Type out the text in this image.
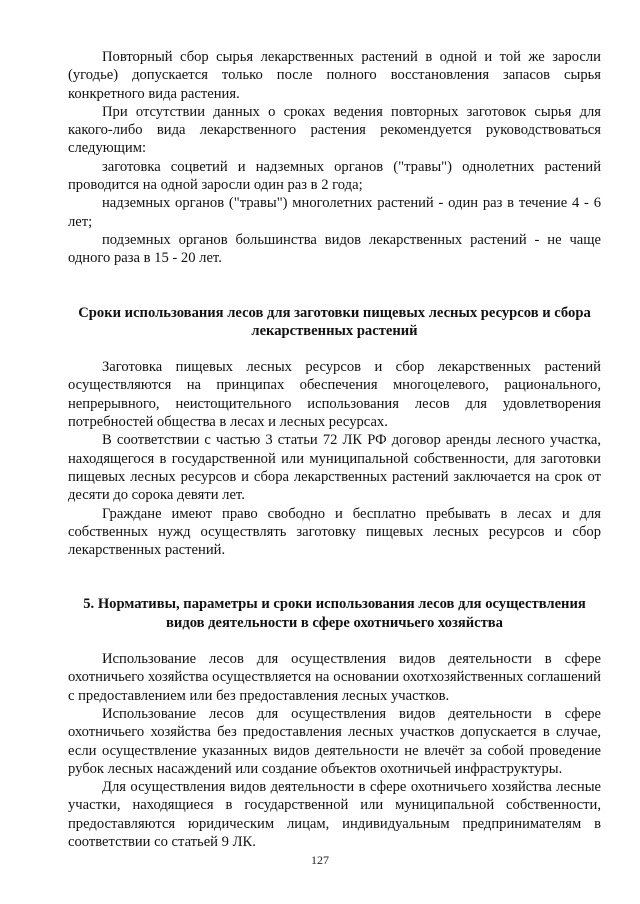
Повторный сбор сырья лекарственных растений в одной и той же заросли (угодье) допускается только после полного восстановления запасов сырья конкретного вида растения.

При отсутствии данных о сроках ведения повторных заготовок сырья для какого-либо вида лекарственного растения рекомендуется руководствоваться следующим:

заготовка соцветий и надземных органов ("травы") однолетних растений проводится на одной заросли один раз в 2 года;

надземных органов ("травы") многолетних растений - один раз в течение 4 - 6 лет;

подземных органов большинства видов лекарственных растений - не чаще одного раза в 15 - 20 лет.

Сроки использования лесов для заготовки пищевых лесных ресурсов и сбора лекарственных растений

Заготовка пищевых лесных ресурсов и сбор лекарственных растений осуществляются на принципах обеспечения многоцелевого, рационального, непрерывного, неистощительного использования лесов для удовлетворения потребностей общества в лесах и лесных ресурсах.

В соответствии с частью 3 статьи 72 ЛК РФ договор аренды лесного участка, находящегося в государственной или муниципальной собственности, для заготовки пищевых лесных ресурсов и сбора лекарственных растений заключается на срок от десяти до сорока девяти лет.

Граждане имеют право свободно и бесплатно пребывать в лесах и для собственных нужд осуществлять заготовку пищевых лесных ресурсов и сбор лекарственных растений.

5. Нормативы, параметры и сроки использования лесов для осуществления видов деятельности в сфере охотничьего хозяйства

Использование лесов для осуществления видов деятельности в сфере охотничьего хозяйства осуществляется на основании охотхозяйственных соглашений с предоставлением или без предоставления лесных участков.

Использование лесов для осуществления видов деятельности в сфере охотничьего хозяйства без предоставления лесных участков допускается в случае, если осуществление указанных видов деятельности не влечёт за собой проведение рубок лесных насаждений или создание объектов охотничьей инфраструктуры.

Для осуществления видов деятельности в сфере охотничьего хозяйства лесные участки, находящиеся в государственной или муниципальной собственности, предоставляются юридическим лицам, индивидуальным предпринимателям в соответствии со статьей 9 ЛК.

127
